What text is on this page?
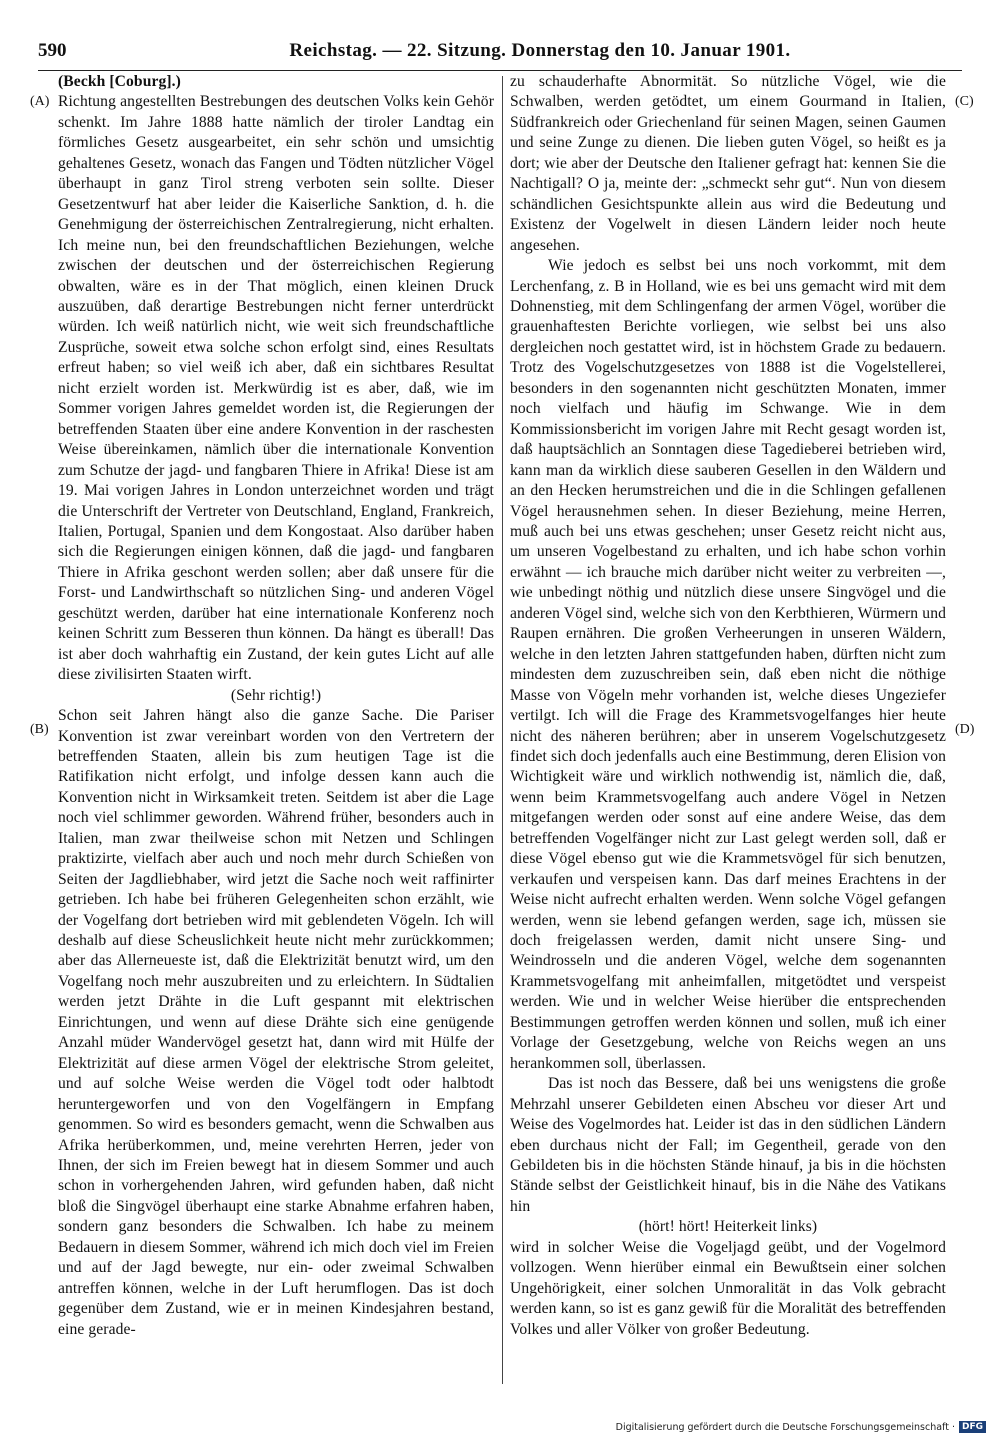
590	Reichstag. — 22. Sitzung. Donnerstag den 10. Januar 1901.
(A)
(B)
(C)
(D)

(Beckh [Coburg].)

Richtung angestellten Bestrebungen des deutschen Volks kein Gehör schenkt. Im Jahre 1888 hatte nämlich der tiroler Landtag ein förmliches Gesetz ausgearbeitet, ein sehr schön und umsichtig gehaltenes Gesetz, wonach das Fangen und Tödten nützlicher Vögel überhaupt in ganz Tirol streng verboten sein sollte. Dieser Gesetzentwurf hat aber leider die Kaiserliche Sanktion, d. h. die Genehmigung der österreichischen Zentralregierung, nicht erhalten. Ich meine nun, bei den freundschaftlichen Beziehungen, welche zwischen der deutschen und der österreichischen Regierung obwalten, wäre es in der That möglich, einen kleinen Druck auszuüben, daß derartige Bestrebungen nicht ferner unterdrückt würden. Ich weiß natürlich nicht, wie weit sich freundschaftliche Zusprüche, soweit etwa solche schon erfolgt sind, eines Resultats erfreut haben; so viel weiß ich aber, daß ein sichtbares Resultat nicht erzielt worden ist. Merkwürdig ist es aber, daß, wie im Sommer vorigen Jahres gemeldet worden ist, die Regierungen der betreffenden Staaten über eine andere Konvention in der raschesten Weise übereinkamen, nämlich über die internationale Konvention zum Schutze der jagd- und fangbaren Thiere in Afrika! Diese ist am 19. Mai vorigen Jahres in London unterzeichnet worden und trägt die Unterschrift der Vertreter von Deutschland, England, Frankreich, Italien, Portugal, Spanien und dem Kongostaat. Also darüber haben sich die Regierungen einigen können, daß die jagd- und fangbaren Thiere in Afrika geschont werden sollen; aber daß unsere für die Forst- und Landwirthschaft so nützlichen Sing- und anderen Vögel geschützt werden, darüber hat eine internationale Konferenz noch keinen Schritt zum Besseren thun können. Da hängt es überall! Das ist aber doch wahrhaftig ein Zustand, der kein gutes Licht auf alle diese zivilisirten Staaten wirft.

(Sehr richtig!)

Schon seit Jahren hängt also die ganze Sache. Die Pariser Konvention ist zwar vereinbart worden von den Vertretern der betreffenden Staaten, allein bis zum heutigen Tage ist die Ratifikation nicht erfolgt, und infolge dessen kann auch die Konvention nicht in Wirksamkeit treten. Seitdem ist aber die Lage noch viel schlimmer geworden. Während früher, besonders auch in Italien, man zwar theilweise schon mit Netzen und Schlingen praktizirte, vielfach aber auch und noch mehr durch Schießen von Seiten der Jagdliebhaber, wird jetzt die Sache noch weit raffinirter getrieben. Ich habe bei früheren Gelegenheiten schon erzählt, wie der Vogelfang dort betrieben wird mit geblendeten Vögeln. Ich will deshalb auf diese Scheuslichkeit heute nicht mehr zurückkommen; aber das Allerneueste ist, daß die Elektrizität benutzt wird, um den Vogelfang noch mehr auszubreiten und zu erleichtern. In Südtalien werden jetzt Drähte in die Luft gespannt mit elektrischen Einrichtungen, und wenn auf diese Drähte sich eine genügende Anzahl müder Wandervögel gesetzt hat, dann wird mit Hülfe der Elektrizität auf diese armen Vögel der elektrische Strom geleitet, und auf solche Weise werden die Vögel todt oder halbtodt heruntergeworfen und von den Vogelfängern in Empfang genommen. So wird es besonders gemacht, wenn die Schwalben aus Afrika herüberkommen, und, meine verehrten Herren, jeder von Ihnen, der sich im Freien bewegt hat in diesem Sommer und auch schon in vorhergehenden Jahren, wird gefunden haben, daß nicht bloß die Singvögel überhaupt eine starke Abnahme erfahren haben, sondern ganz besonders die Schwalben. Ich habe zu meinem Bedauern in diesem Sommer, während ich mich doch viel im Freien und auf der Jagd bewegte, nur ein- oder zweimal Schwalben antreffen können, welche in der Luft herumflogen. Das ist doch gegenüber dem Zustand, wie er in meinen Kindesjahren bestand, eine gerade-

zu schauderhafte Abnormität. So nützliche Vögel, wie die Schwalben, werden getödtet, um einem Gourmand in Italien, Südfrankreich oder Griechenland für seinen Magen, seinen Gaumen und seine Zunge zu dienen. Die lieben guten Vögel, so heißt es ja dort; wie aber der Deutsche den Italiener gefragt hat: kennen Sie die Nachtigall? O ja, meinte der: „schmeckt sehr gut“. Nun von diesem schändlichen Gesichtspunkte allein aus wird die Bedeutung und Existenz der Vogelwelt in diesen Ländern leider noch heute angesehen.

Wie jedoch es selbst bei uns noch vorkommt, mit dem Lerchenfang, z. B in Holland, wie es bei uns gemacht wird mit dem Dohnenstieg, mit dem Schlingenfang der armen Vögel, worüber die grauenhaftesten Berichte vorliegen, wie selbst bei uns also dergleichen noch gestattet wird, ist in höchstem Grade zu bedauern. Trotz des Vogelschutzgesetzes von 1888 ist die Vogelstellerei, besonders in den sogenannten nicht geschützten Monaten, immer noch vielfach und häufig im Schwange. Wie in dem Kommissionsbericht im vorigen Jahre mit Recht gesagt worden ist, daß hauptsächlich an Sonntagen diese Tagedieberei betrieben wird, kann man da wirklich diese sauberen Gesellen in den Wäldern und an den Hecken herumstreichen und die in die Schlingen gefallenen Vögel herausnehmen sehen. In dieser Beziehung, meine Herren, muß auch bei uns etwas geschehen; unser Gesetz reicht nicht aus, um unseren Vogelbestand zu erhalten, und ich habe schon vorhin erwähnt — ich brauche mich darüber nicht weiter zu verbreiten —, wie unbedingt nöthig und nützlich diese unsere Singvögel und die anderen Vögel sind, welche sich von den Kerbthieren, Würmern und Raupen ernähren. Die großen Verheerungen in unseren Wäldern, welche in den letzten Jahren stattgefunden haben, dürften nicht zum mindesten dem zuzuschreiben sein, daß eben nicht die nöthige Masse von Vögeln mehr vorhanden ist, welche dieses Ungeziefer vertilgt. Ich will die Frage des Krammetsvogelfanges hier heute nicht des näheren berühren; aber in unserem Vogelschutzgesetz findet sich doch jedenfalls auch eine Bestimmung, deren Elision von Wichtigkeit wäre und wirklich nothwendig ist, nämlich die, daß, wenn beim Krammetsvogelfang auch andere Vögel in Netzen mitgefangen werden oder sonst auf eine andere Weise, das dem betreffenden Vogelfänger nicht zur Last gelegt werden soll, daß er diese Vögel ebenso gut wie die Krammetsvögel für sich benutzen, verkaufen und verspeisen kann. Das darf meines Erachtens in der Weise nicht aufrecht erhalten werden. Wenn solche Vögel gefangen werden, wenn sie lebend gefangen werden, sage ich, müssen sie doch freigelassen werden, damit nicht unsere Sing- und Weindrosseln und die anderen Vögel, welche dem sogenannten Krammetsvogelfang mit anheimfallen, mitgetödtet und verspeist werden. Wie und in welcher Weise hierüber die entsprechenden Bestimmungen getroffen werden können und sollen, muß ich einer Vorlage der Gesetzgebung, welche von Reichs wegen an uns herankommen soll, überlassen.

Das ist noch das Bessere, daß bei uns wenigstens die große Mehrzahl unserer Gebildeten einen Abscheu vor dieser Art und Weise des Vogelmordes hat. Leider ist das in den südlichen Ländern eben durchaus nicht der Fall; im Gegentheil, gerade von den Gebildeten bis in die höchsten Stände hinauf, ja bis in die höchsten Stände selbst der Geistlichkeit hinauf, bis in die Nähe des Vatikans hin

(hört! hört! Heiterkeit links)

wird in solcher Weise die Vogeljagd geübt, und der Vogelmord vollzogen. Wenn hierüber einmal ein Bewußtsein einer solchen Ungehörigkeit, einer solchen Unmoralität in das Volk gebracht werden kann, so ist es ganz gewiß für die Moralität des betreffenden Volkes und aller Völker von großer Bedeutung.

Digitalisierung gefördert durch die Deutsche Forschungsgemeinschaft · DFG
